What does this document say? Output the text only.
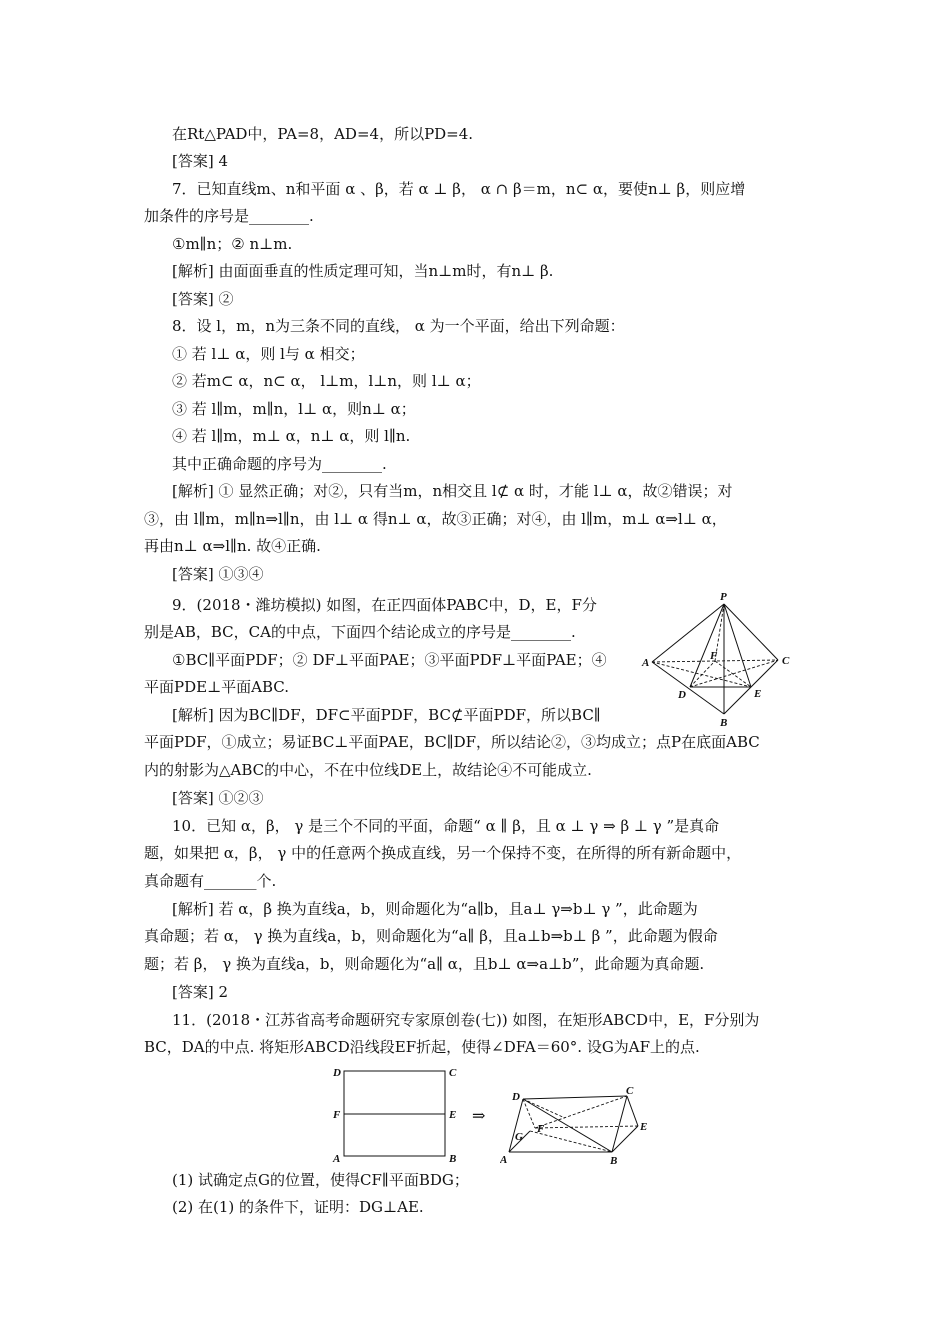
在Rt△PAD中，PA=8，AD=4，所以PD=4.
[答案] 4
7．已知直线m、n和平面 α 、β，若 α ⊥ β， α ∩ β＝m，n⊂ α，要使n⊥ β，则应增
加条件的序号是________.
①m∥n；② n⊥m.
[解析] 由面面垂直的性质定理可知，当n⊥m时，有n⊥ β.
[答案] ②
8．设 l，m，n为三条不同的直线， α 为一个平面，给出下列命题：
① 若 l⊥ α，则 l与 α 相交；
② 若m⊂ α，n⊂ α， l⊥m，l⊥n，则 l⊥ α；
③ 若 l∥m，m∥n，l⊥ α，则n⊥ α；
④ 若 l∥m，m⊥ α，n⊥ α，则 l∥n.
其中正确命题的序号为________.
[解析] ① 显然正确；对②，只有当m，n相交且 l⊄ α 时，才能 l⊥ α，故②错误；对
③，由 l∥m，m∥n⇒l∥n，由 l⊥ α 得n⊥ α，故③正确；对④，由 l∥m，m⊥ α⇒l⊥ α，
再由n⊥ α⇒l∥n. 故④正确.
[答案] ①③④
9．(2018・潍坊模拟) 如图，在正四面体PABC中，D，E，F分
别是AB，BC，CA的中点，下面四个结论成立的序号是________.
①BC∥平面PDF；② DF⊥平面PAE；③平面PDF⊥平面PAE；④
平面PDE⊥平面ABC.
[解析] 因为BC∥DF，DF⊂平面PDF，BC⊄平面PDF，所以BC∥
平面PDF，①成立；易证BC⊥平面PAE，BC∥DF，所以结论②，③均成立；点P在底面ABC
内的射影为△ABC的中心，不在中位线DE上，故结论④不可能成立.
[答案] ①②③
10．已知 α，β， γ 是三个不同的平面，命题“ α ∥ β，且 α ⊥ γ ⇒ β ⊥ γ ”是真命
题，如果把 α，β， γ 中的任意两个换成直线，另一个保持不变，在所得的所有新命题中，
真命题有_______个.
[解析] 若 α，β 换为直线a，b，则命题化为“a∥b，且a⊥ γ⇒b⊥ γ ”，此命题为
真命题；若 α， γ 换为直线a，b，则命题化为“a∥ β，且a⊥b⇒b⊥ β ”，此命题为假命
题；若 β， γ 换为直线a，b，则命题化为“a∥ α，且b⊥ α⇒a⊥b”，此命题为真命题.
[答案] 2
11．(2018・江苏省高考命题研究专家原创卷(七)) 如图，在矩形ABCD中，E，F分别为
BC，DA的中点. 将矩形ABCD沿线段EF折起，使得∠DFA＝60°. 设G为AF上的点.
(1) 试确定点G的位置，使得CF∥平面BDG；
(2) 在(1) 的条件下，证明：DG⊥AE.
P
A	C
F
D	E
B
D	C
F	E
A	B
⇒
D	C
G
F	E
A	B
